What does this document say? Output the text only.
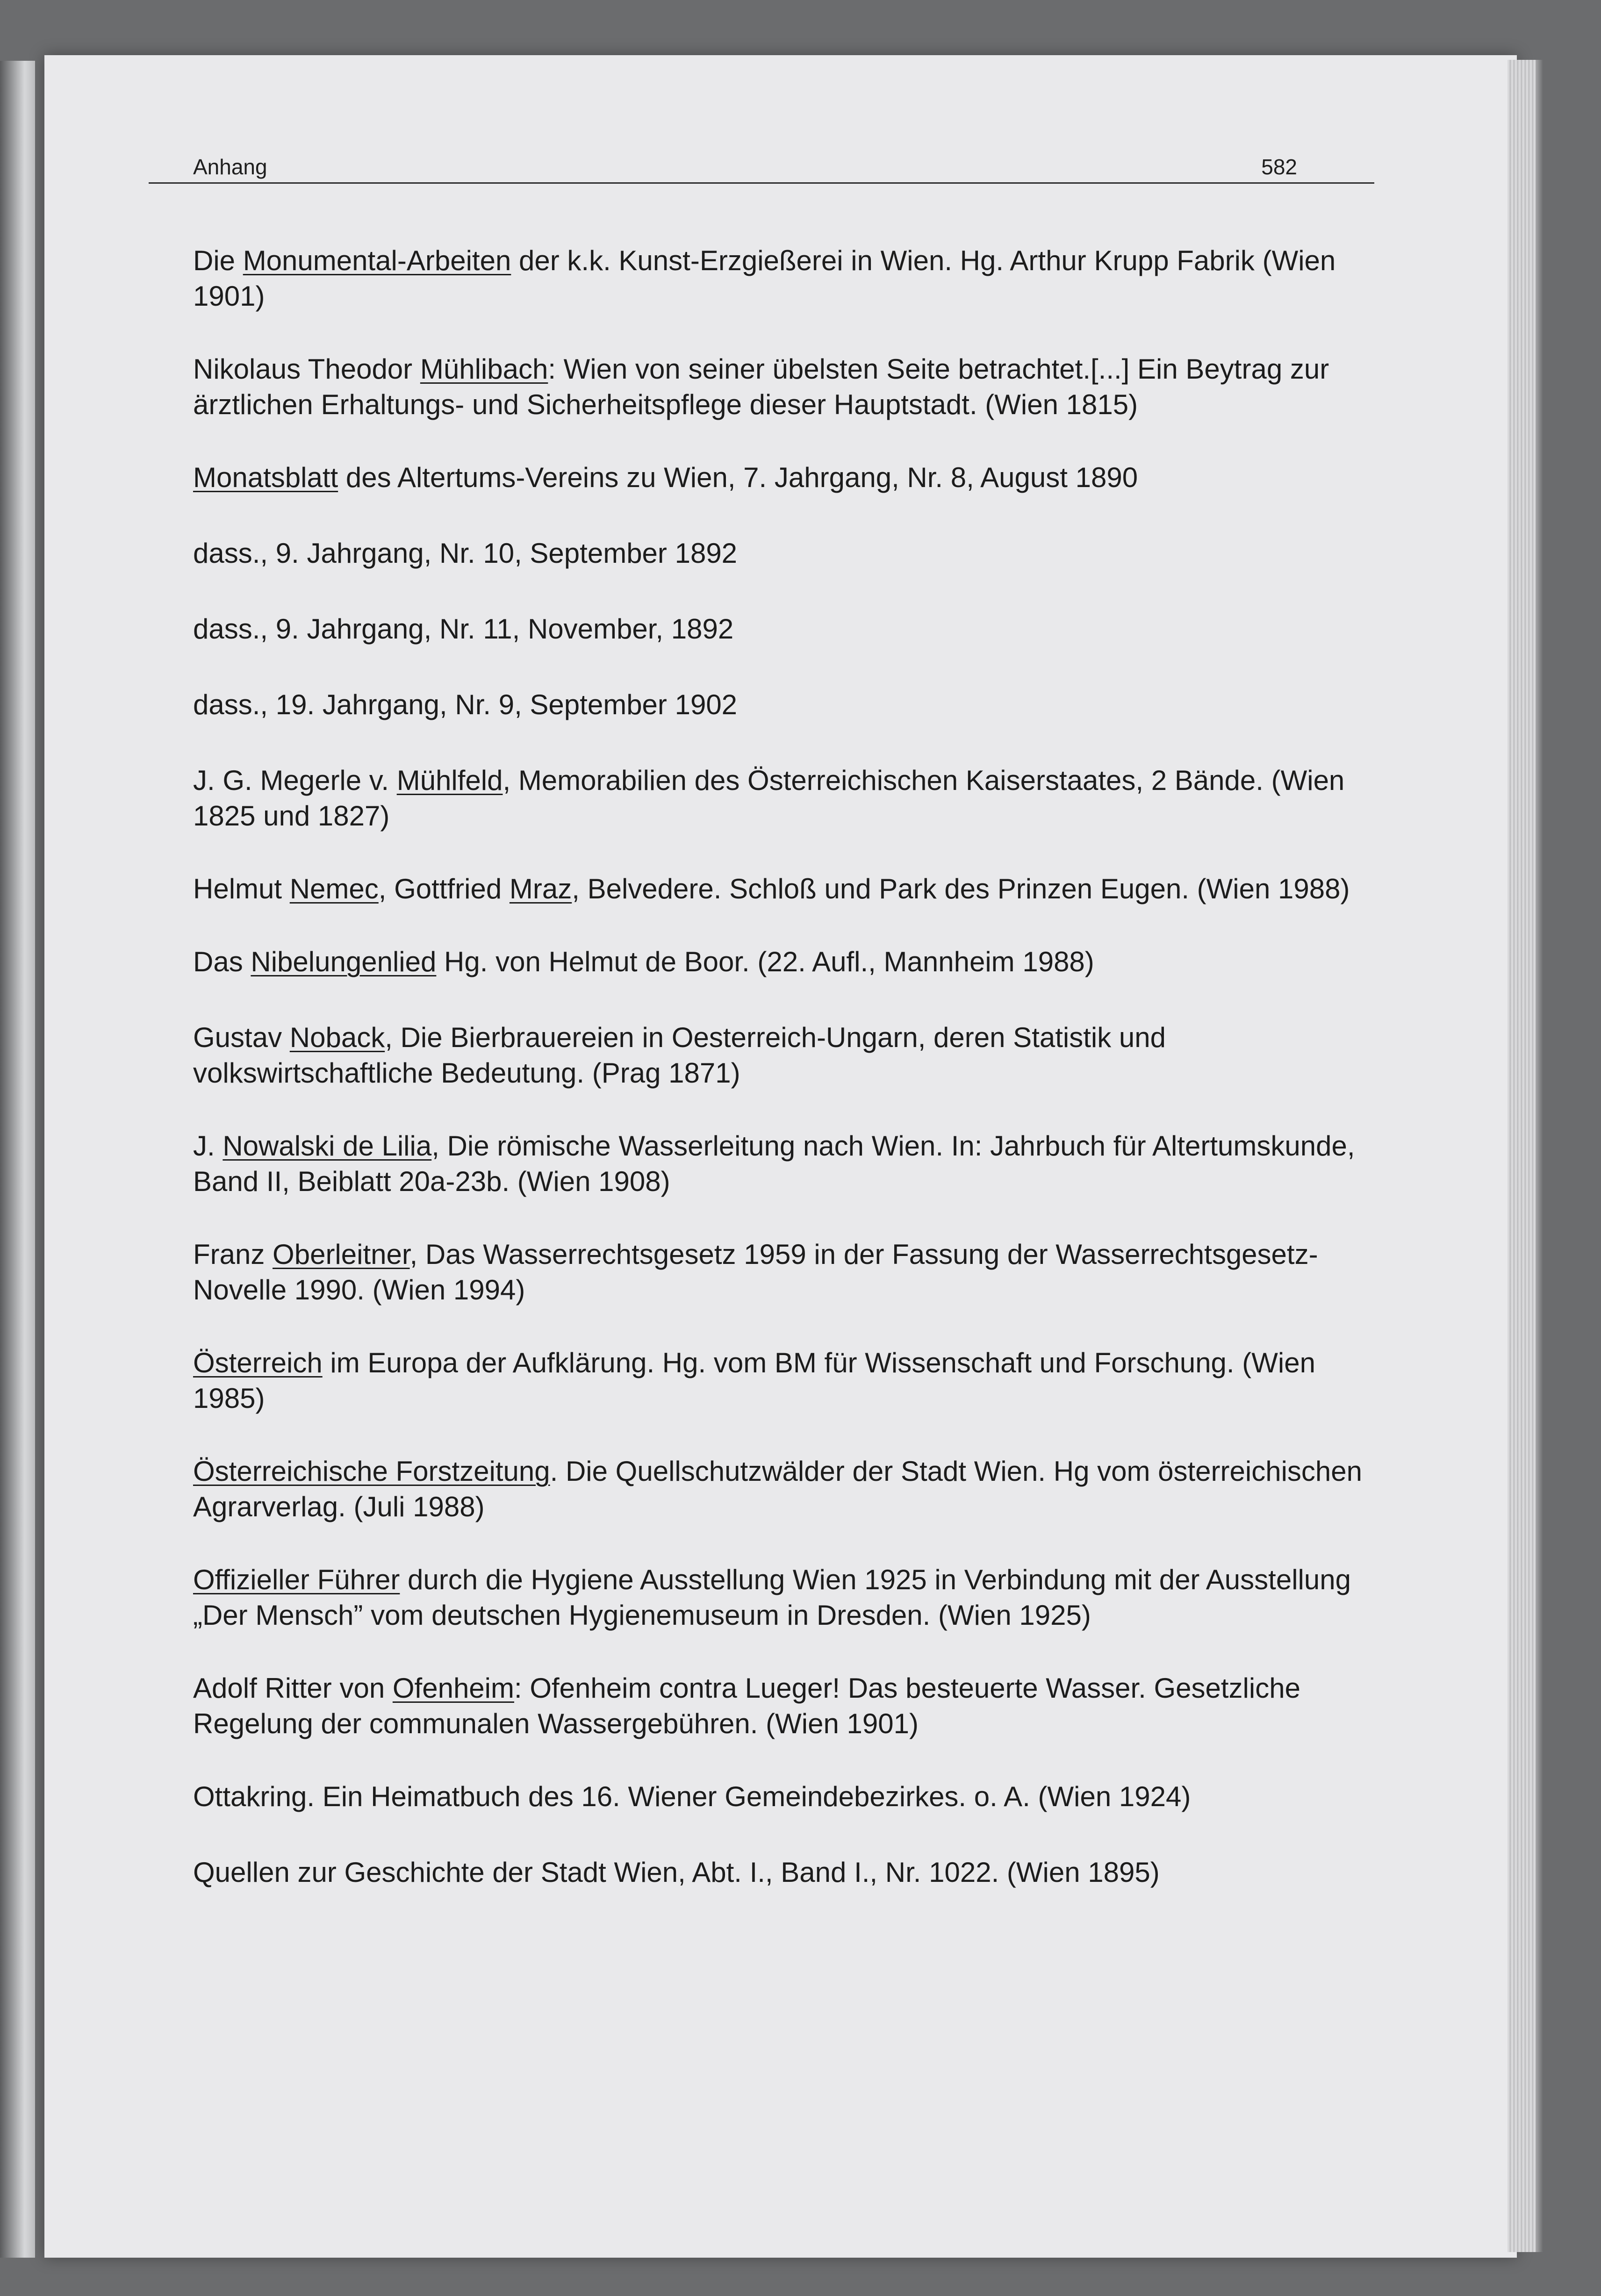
Anhang	582

Die Monumental-Arbeiten der k.k. Kunst-Erzgießerei in Wien. Hg. Arthur Krupp Fabrik (Wien 1901)

Nikolaus Theodor Mühlibach: Wien von seiner übelsten Seite betrachtet.[...] Ein Beytrag zur ärztlichen Erhaltungs- und Sicherheitspflege dieser Hauptstadt. (Wien 1815)

Monatsblatt des Altertums-Vereins zu Wien, 7. Jahrgang, Nr. 8, August 1890

dass., 9. Jahrgang, Nr. 10, September 1892

dass., 9. Jahrgang, Nr. 11, November, 1892

dass., 19. Jahrgang, Nr. 9, September 1902

J. G. Megerle v. Mühlfeld, Memorabilien des Österreichischen Kaiserstaates, 2 Bände. (Wien 1825 und 1827)

Helmut Nemec, Gottfried Mraz, Belvedere. Schloß und Park des Prinzen Eugen. (Wien 1988)

Das Nibelungenlied Hg. von Helmut de Boor. (22. Aufl., Mannheim 1988)

Gustav Noback, Die Bierbrauereien in Oesterreich-Ungarn, deren Statistik und volkswirtschaftliche Bedeutung. (Prag 1871)

J. Nowalski de Lilia, Die römische Wasserleitung nach Wien. In: Jahrbuch für Altertumskunde, Band II, Beiblatt 20a-23b. (Wien 1908)

Franz Oberleitner, Das Wasserrechtsgesetz 1959 in der Fassung der Wasserrechtsgesetz-Novelle 1990. (Wien 1994)

Österreich im Europa der Aufklärung. Hg. vom BM für Wissenschaft und Forschung. (Wien 1985)

Österreichische Forstzeitung. Die Quellschutzwälder der Stadt Wien. Hg vom österreichischen Agrarverlag. (Juli 1988)

Offizieller Führer durch die Hygiene Ausstellung Wien 1925 in Verbindung mit der Ausstellung „Der Mensch” vom deutschen Hygienemuseum in Dresden. (Wien 1925)

Adolf Ritter von Ofenheim: Ofenheim contra Lueger! Das besteuerte Wasser. Gesetzliche Regelung der communalen Wassergebühren. (Wien 1901)

Ottakring. Ein Heimatbuch des 16. Wiener Gemeindebezirkes. o. A. (Wien 1924)

Quellen zur Geschichte der Stadt Wien, Abt. I., Band I., Nr. 1022. (Wien 1895)
